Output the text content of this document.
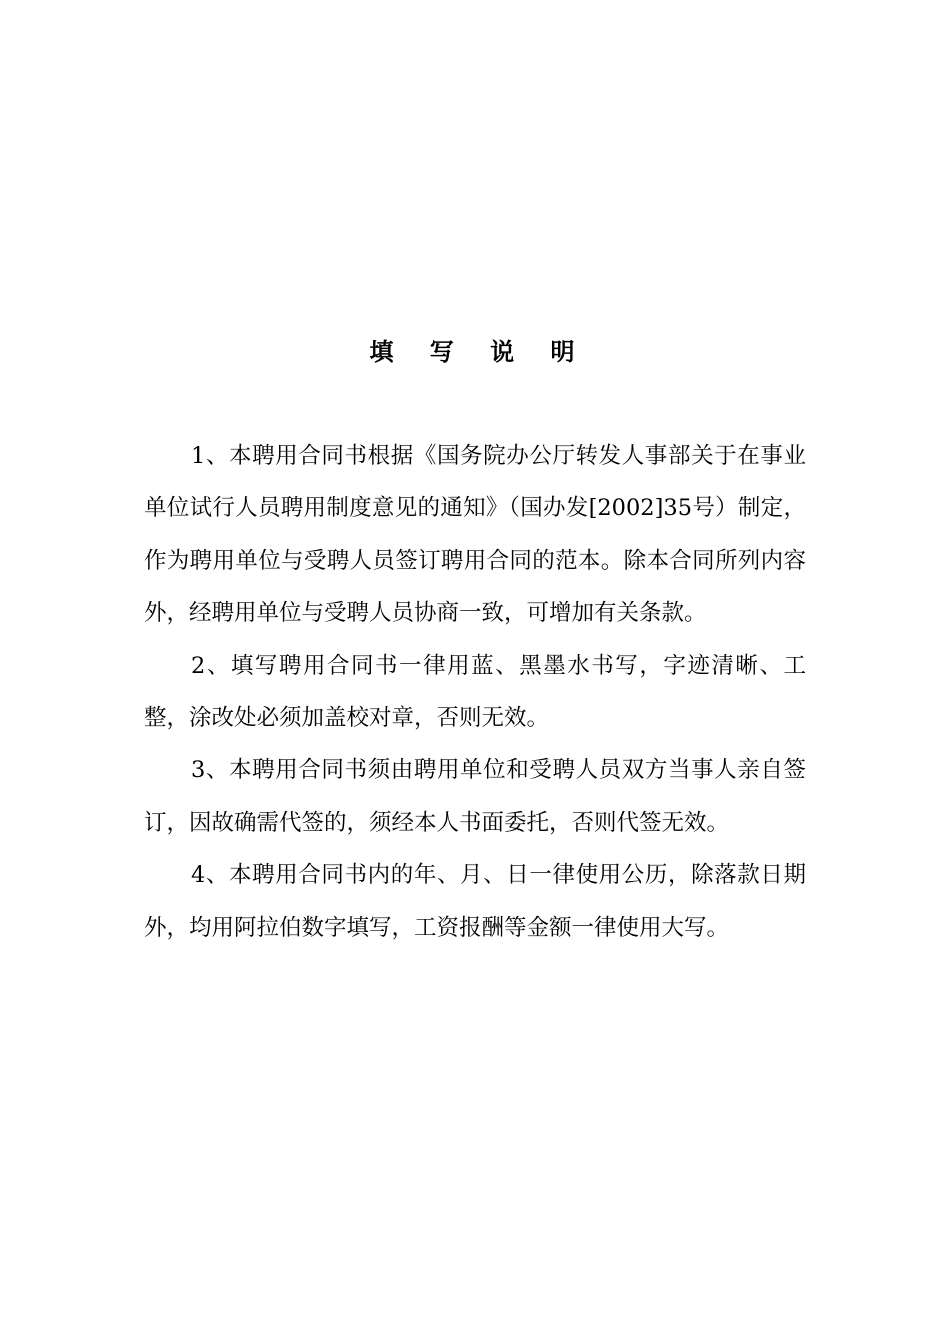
填 写 说 明

1、本聘用合同书根据《国务院办公厅转发人事部关于在事业单位试行人员聘用制度意见的通知》（国办发[2002]35号）制定，作为聘用单位与受聘人员签订聘用合同的范本。除本合同所列内容外，经聘用单位与受聘人员协商一致，可增加有关条款。

2、填写聘用合同书一律用蓝、黑墨水书写，字迹清晰、工整，涂改处必须加盖校对章，否则无效。

3、本聘用合同书须由聘用单位和受聘人员双方当事人亲自签订，因故确需代签的，须经本人书面委托，否则代签无效。

4、本聘用合同书内的年、月、日一律使用公历，除落款日期外，均用阿拉伯数字填写，工资报酬等金额一律使用大写。
